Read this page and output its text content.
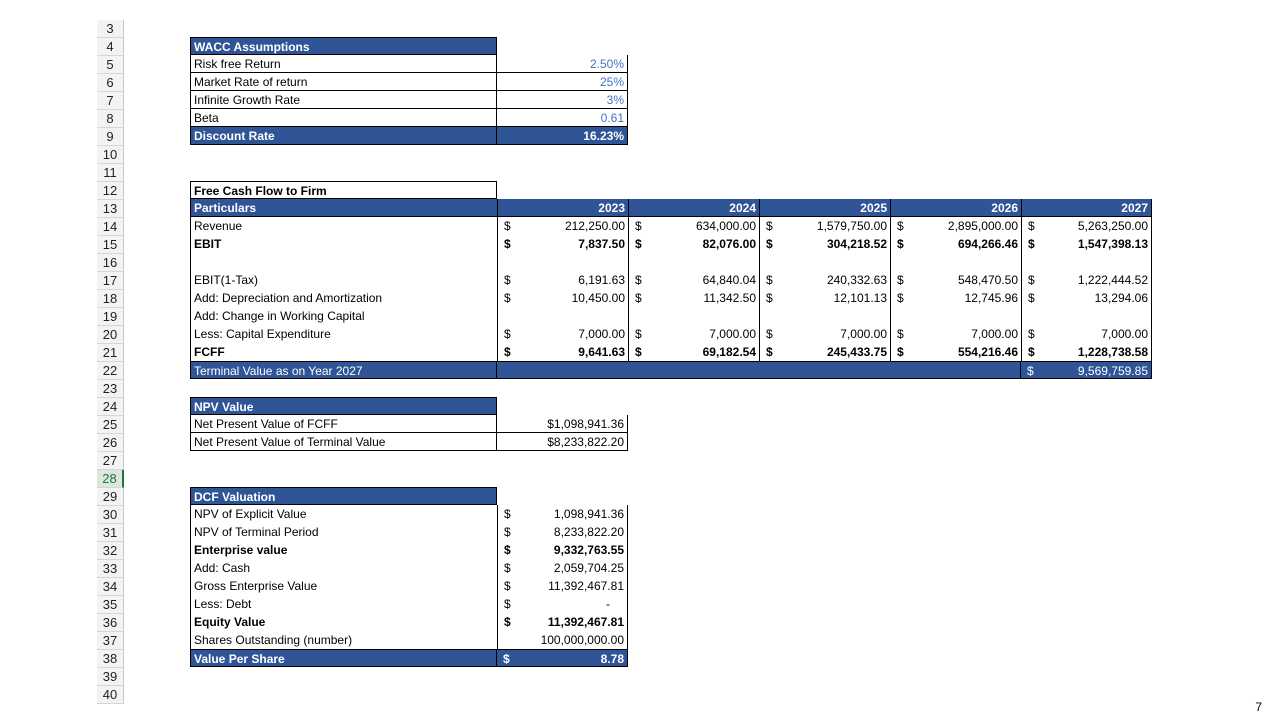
3
4
5
6
7
8
9
10
11
12
13
14
15
16
17
18
19
20
21
22
23
24
25
26
27
28
29
30
31
32
33
34
35
36
37
38
39
40
WACC Assumptions
Risk free Return	2.50%
Market Rate of return	25%
Infinite Growth Rate	3%
Beta	0.61
Discount Rate	16.23%
Free Cash Flow to Firm
Particulars	2023	2024	2025	2026	2027
Revenue	$	212,250.00 $	634,000.00 $	1,579,750.00 $	2,895,000.00 $	5,263,250.00
EBIT	$	7,837.50 $	82,076.00 $	304,218.52 $	694,266.46 $	1,547,398.13
EBIT(1-Tax)	$	6,191.63 $	64,840.04 $	240,332.63 $	548,470.50 $	1,222,444.52
Add: Depreciation and Amortization	$	10,450.00 $	11,342.50 $	12,101.13 $	12,745.96 $	13,294.06
Add: Change in Working Capital
Less: Capital Expenditure	$	7,000.00 $	7,000.00 $	7,000.00 $	7,000.00 $	7,000.00
FCFF	$	9,641.63 $	69,182.54 $	245,433.75 $	554,216.46 $	1,228,738.58
Terminal Value as on Year 2027	$	9,569,759.85
NPV Value
Net Present Value of FCFF	$1,098,941.36
Net Present Value of Terminal Value	$8,233,822.20
DCF Valuation
NPV of Explicit Value	$	1,098,941.36
NPV of Terminal Period	$	8,233,822.20
Enterprise value	$	9,332,763.55
Add: Cash	$	2,059,704.25
Gross Enterprise Value	$	11,392,467.81
Less: Debt	$	-
Equity Value	$	11,392,467.81
Shares Outstanding (number)	100,000,000.00
Value Per Share	$	8.78
7
